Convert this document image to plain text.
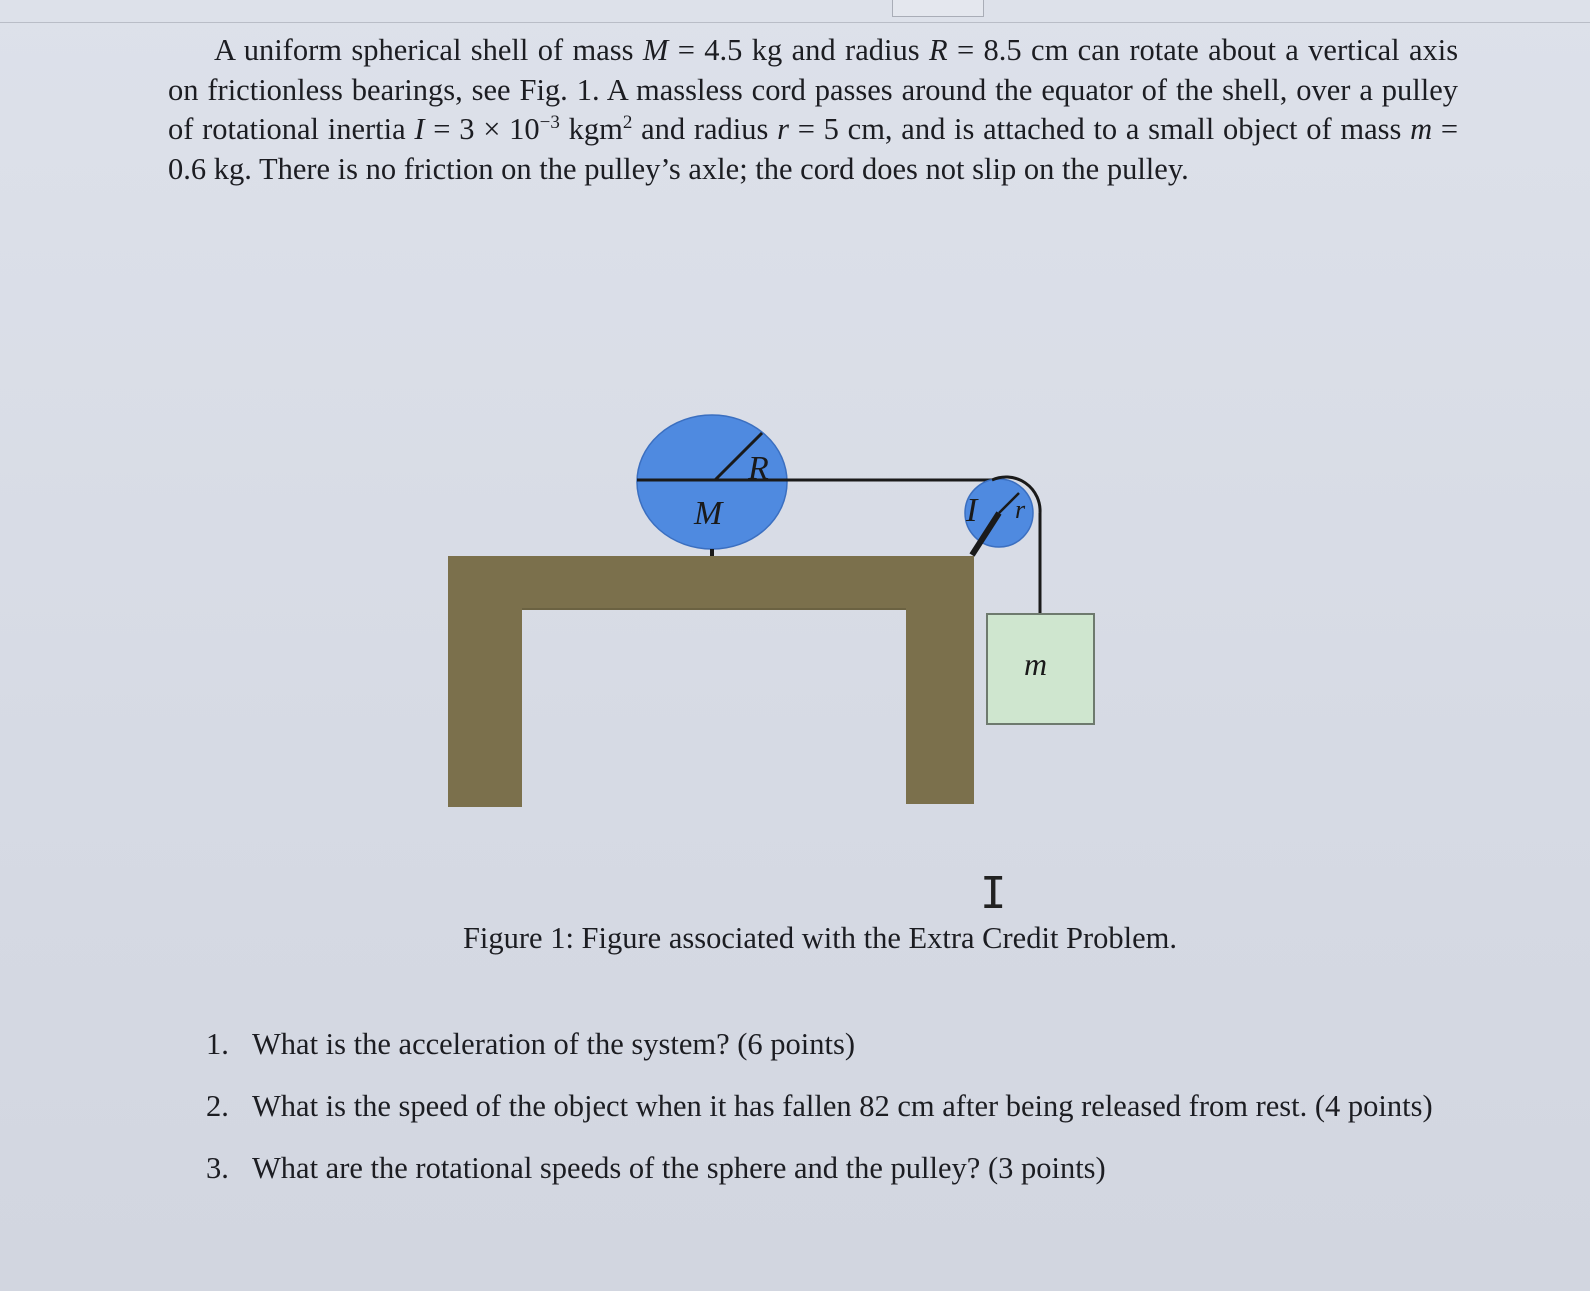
A uniform spherical shell of mass M = 4.5 kg and radius R = 8.5 cm can rotate about a vertical axis on frictionless bearings, see Fig. 1. A massless cord passes around the equator of the shell, over a pulley of rotational inertia $I = 3 \times 10^{-3}$ kgm$^2$ and radius r = 5 cm, and is attached to a small object of mass m = 0.6 kg. There is no friction on the pulley’s axle; the cord does not slip on the pulley.

M
R
I r
m
I

Figure 1: Figure associated with the Extra Credit Problem.

1. What is the acceleration of the system? (6 points)
2. What is the speed of the object when it has fallen 82 cm after being released from rest. (4 points)
3. What are the rotational speeds of the sphere and the pulley? (3 points)
